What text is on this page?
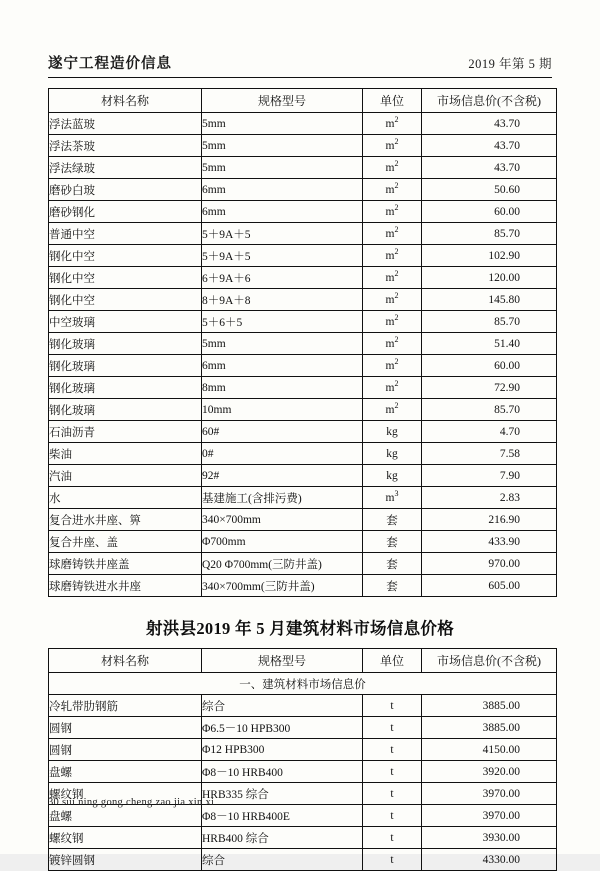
遂宁工程造价信息	2019 年第 5 期
材料名称	规格型号	单位	市场信息价(不含税)
浮法蓝玻	5mm	$m^2$	43.70
浮法茶玻	5mm	$m^2$	43.70
浮法绿玻	5mm	$m^2$	43.70
磨砂白玻	6mm	$m^2$	50.60
磨砂钢化	6mm	$m^2$	60.00
普通中空	5＋9A＋5	$m^2$	85.70
钢化中空	5＋9A＋5	$m^2$	102.90
钢化中空	6＋9A＋6	$m^2$	120.00
钢化中空	8＋9A＋8	$m^2$	145.80
中空玻璃	5＋6＋5	$m^2$	85.70
钢化玻璃	5mm	$m^2$	51.40
钢化玻璃	6mm	$m^2$	60.00
钢化玻璃	8mm	$m^2$	72.90
钢化玻璃	10mm	$m^2$	85.70
石油沥青	60#	kg	4.70
柴油	0#	kg	7.58
汽油	92#	kg	7.90
水	基建施工(含排污费)	$m^3$	2.83
复合进水井座、箅	340×700mm	套	216.90
复合井座、盖	Φ700mm	套	433.90
球磨铸铁井座盖	Q20 Φ700mm(三防井盖)	套	970.00
球磨铸铁进水井座	340×700mm(三防井盖)	套	605.00
射洪县2019 年 5 月建筑材料市场信息价格
材料名称	规格型号	单位	市场信息价(不含税)
一、建筑材料市场信息价			
冷轧带肋钢筋	综合	t	3885.00
圆钢	Φ6.5－10 HPB300	t	3885.00
圆钢	Φ12 HPB300	t	4150.00
盘螺	Φ8－10 HRB400	t	3920.00
螺纹钢	HRB335 综合	t	3970.00
盘螺	Φ8－10 HRB400E	t	3970.00
螺纹钢	HRB400 综合	t	3930.00
镀锌圆钢	综合	t	4330.00
30 sui ning gong cheng zao jia xin xi
